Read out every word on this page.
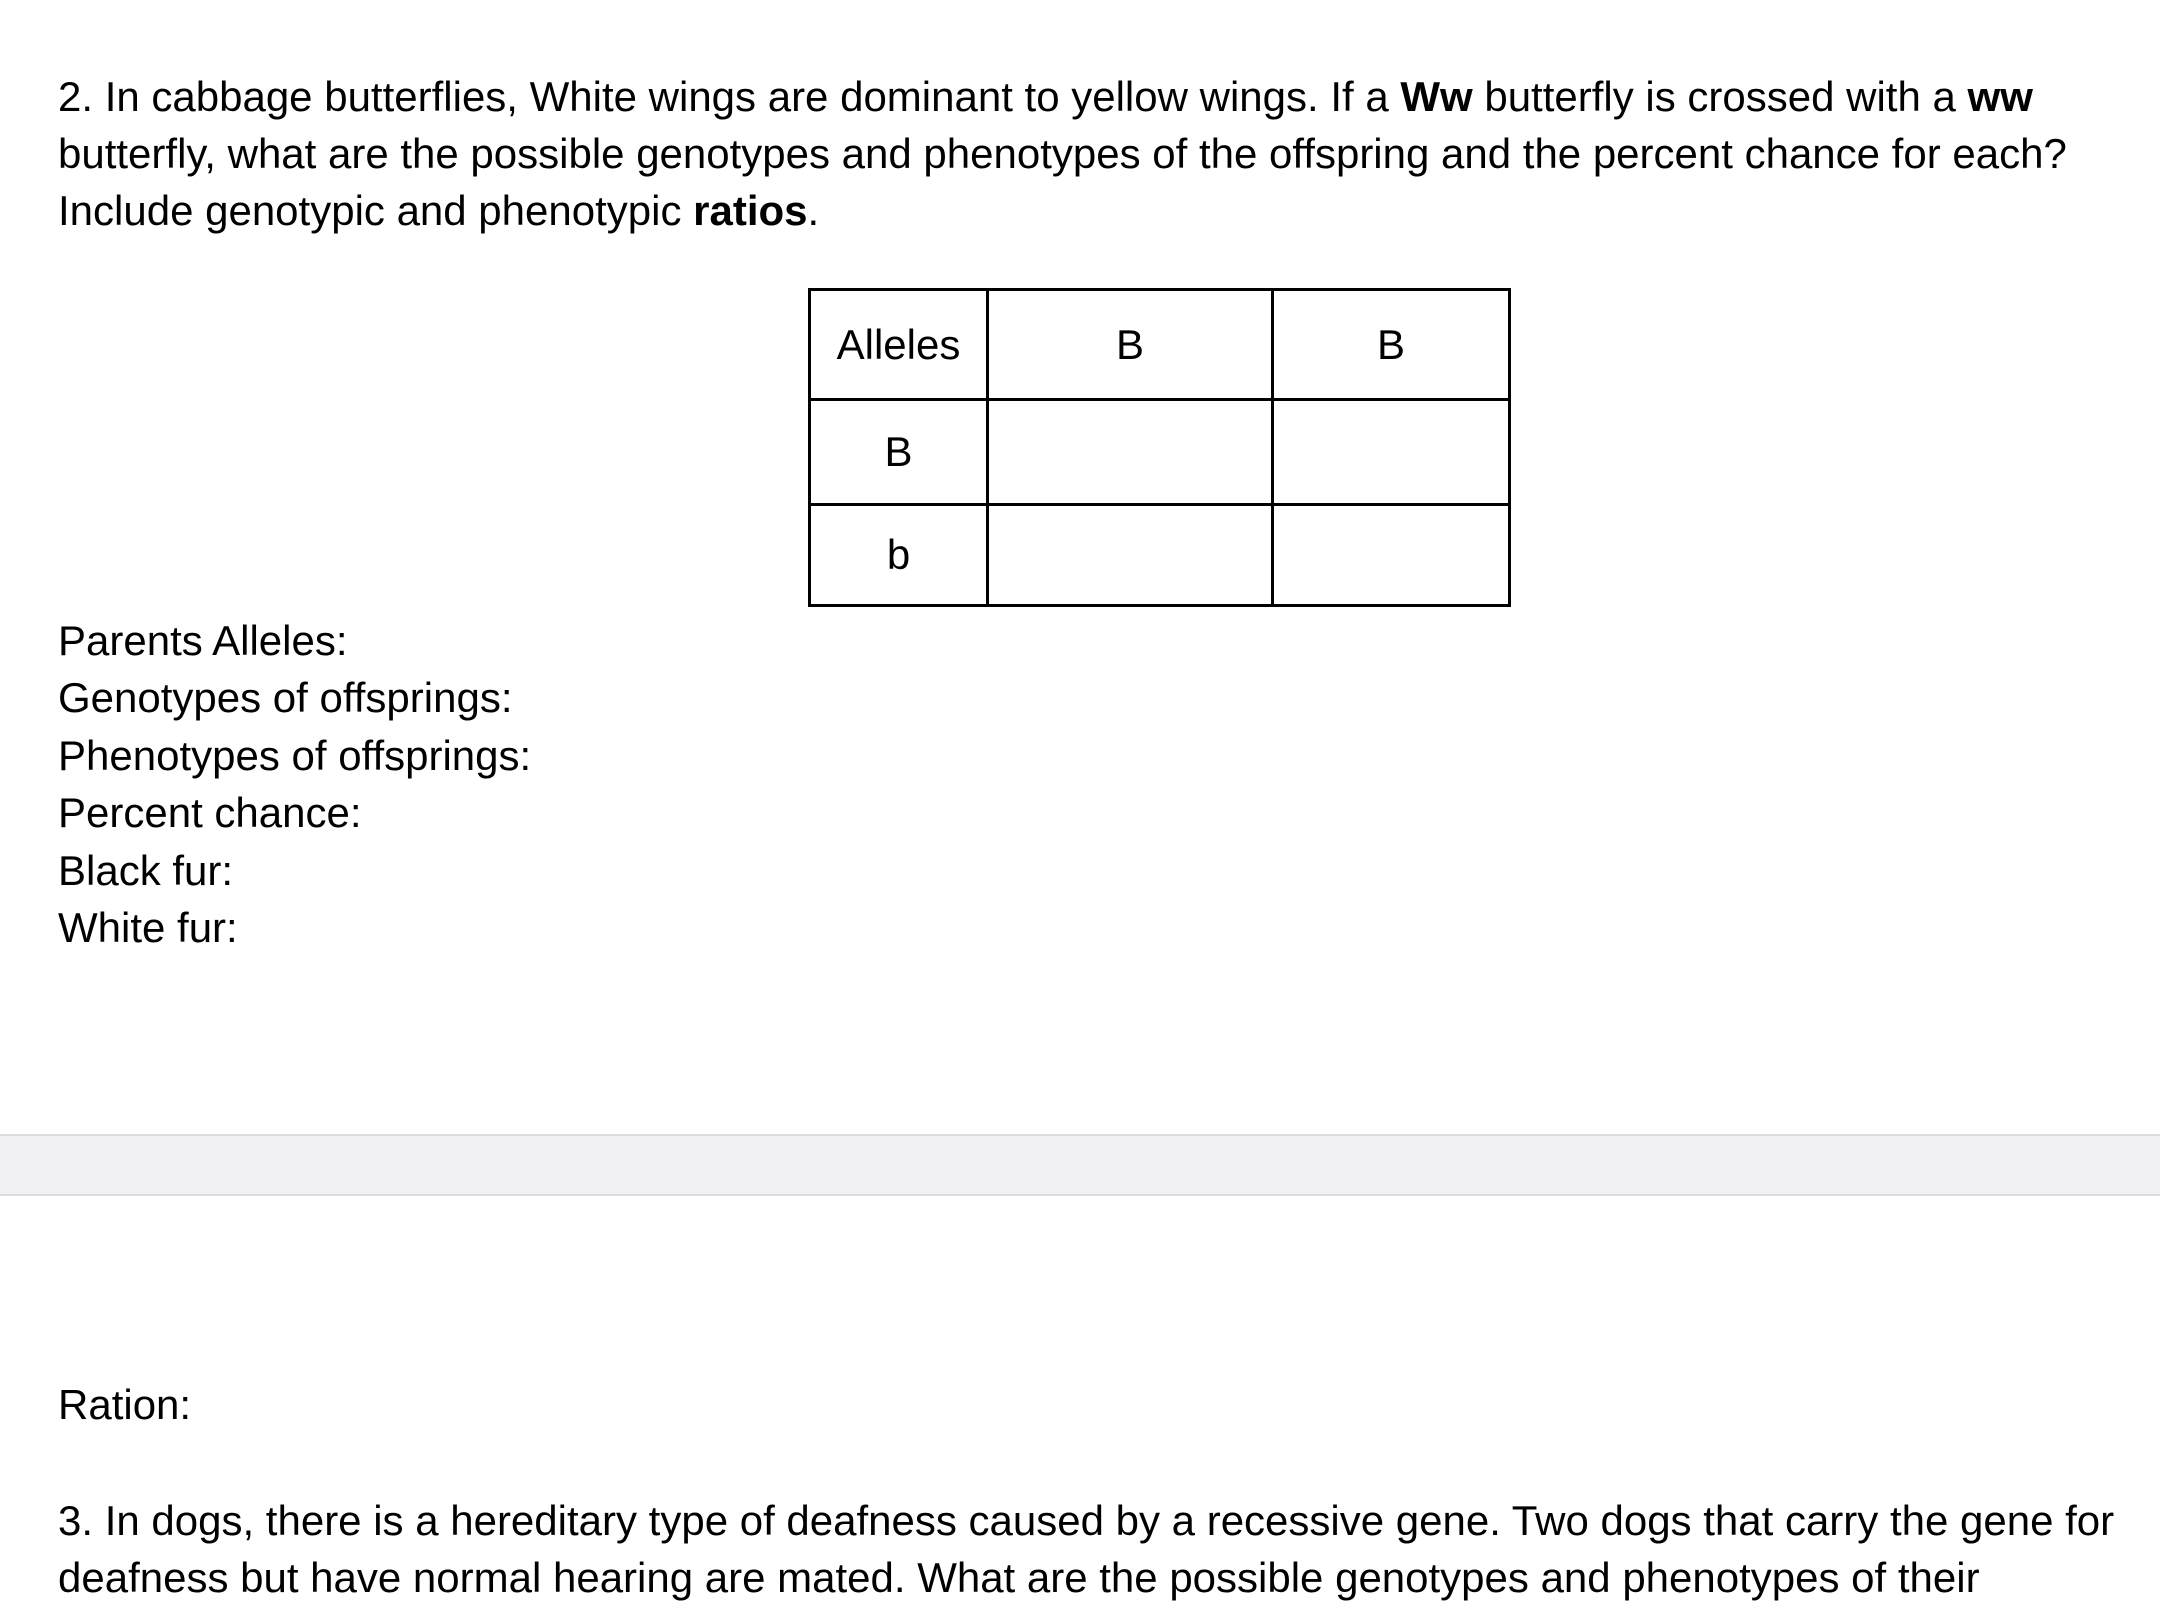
2. In cabbage butterflies, White wings are dominant to yellow wings. If a Ww butterfly is crossed with a ww butterfly, what are the possible genotypes and phenotypes of the offspring and the percent chance for each? Include genotypic and phenotypic ratios.
Alleles	B	B
B		
b		
Parents Alleles:
Genotypes of offsprings:
Phenotypes of offsprings:
Percent chance:
Black fur:
White fur:
Ration:
3. In dogs, there is a hereditary type of deafness caused by a recessive gene. Two dogs that carry the gene for deafness but have normal hearing are mated. What are the possible genotypes and phenotypes of their
